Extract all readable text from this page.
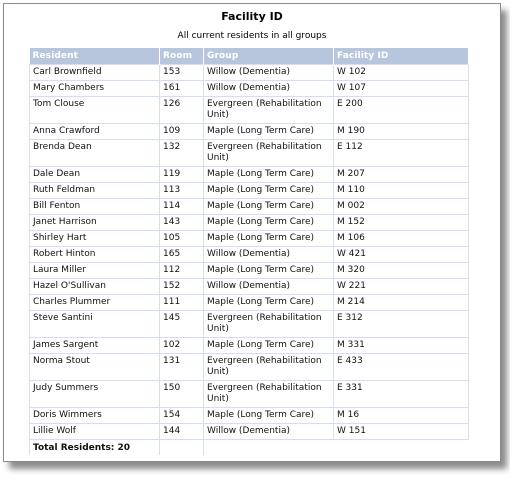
Facility ID
All current residents in all groups
Resident	Room	Group	Facility ID
Carl Brownfield	153	Willow (Dementia)	W 102
Mary Chambers	161	Willow (Dementia)	W 107
Tom Clouse	126	Evergreen (Rehabilitation Unit)	E 200
Anna Crawford	109	Maple (Long Term Care)	M 190
Brenda Dean	132	Evergreen (Rehabilitation Unit)	E 112
Dale Dean	119	Maple (Long Term Care)	M 207
Ruth Feldman	113	Maple (Long Term Care)	M 110
Bill Fenton	114	Maple (Long Term Care)	M 002
Janet Harrison	143	Maple (Long Term Care)	M 152
Shirley Hart	105	Maple (Long Term Care)	M 106
Robert Hinton	165	Willow (Dementia)	W 421
Laura Miller	112	Maple (Long Term Care)	M 320
Hazel O'Sullivan	152	Willow (Dementia)	W 221
Charles Plummer	111	Maple (Long Term Care)	M 214
Steve Santini	145	Evergreen (Rehabilitation Unit)	E 312
James Sargent	102	Maple (Long Term Care)	M 331
Norma Stout	131	Evergreen (Rehabilitation Unit)	E 433
Judy Summers	150	Evergreen (Rehabilitation Unit)	E 331
Doris Wimmers	154	Maple (Long Term Care)	M 16
Lillie Wolf	144	Willow (Dementia)	W 151
Total Residents: 20			
